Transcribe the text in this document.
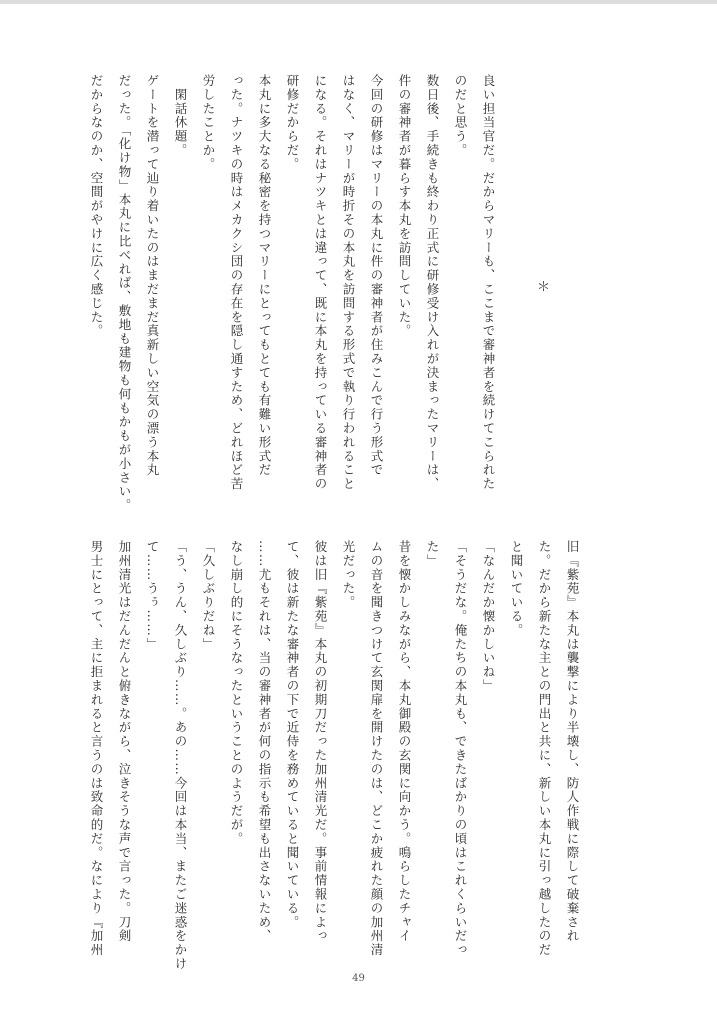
良い担当官だ。だからマリーも、ここまで審神者を続けてこられた

のだと思う。

数日後、手続きも終わり正式に研修受け入れが決まったマリーは、

件の審神者が暮らす本丸を訪問していた。

今回の研修はマリーの本丸に件の審神者が住みこんで行う形式で

はなく、マリーが時折その本丸を訪問する形式で執り行われること

になる。それはナツキとは違って、既に本丸を持っている審神者の

研修だからだ。

本丸に多大なる秘密を持つマリーにとってもとても有難い形式だ

った。ナツキの時はメカクシ団の存在を隠し通すため、どれほど苦

労したことか。

　閑話休題。

ゲートを潜って辿り着いたのはまだまだ真新しい空気の漂う本丸

だった。「化け物」本丸に比べれば、敷地も建物も何もかもが小さい。

だからなのか、空間がやけに広く感じた。	＊

旧『紫苑』本丸は襲撃により半壊し、防人作戦に際して破棄され

た。だから新たな主との門出と共に、新しい本丸に引っ越したのだ

と聞いている。

「なんだか懐かしいね」

「そうだな。俺たちの本丸も、できたばかりの頃はこれくらいだっ

た」

昔を懐かしみながら、本丸御殿の玄関に向かう。鳴らしたチャイ

ムの音を聞きつけて玄関扉を開けたのは、どこか疲れた顔の加州清

光だった。

彼は旧『紫苑』本丸の初期刀だった加州清光だ。事前情報によっ

て、彼は新たな審神者の下で近侍を務めていると聞いている。

……尤もそれは、当の審神者が何の指示も希望も出さないため、

なし崩し的にそうなったということのようだが。

「久しぶりだね」

「う、うん、久しぶり……。あの……今回は本当、またご迷惑をかけ

て……うぅ……」

加州清光はだんだんと俯きながら、泣きそうな声で言った。刀剣

男士にとって、主に拒まれると言うのは致命的だ。なにより『加州

49
